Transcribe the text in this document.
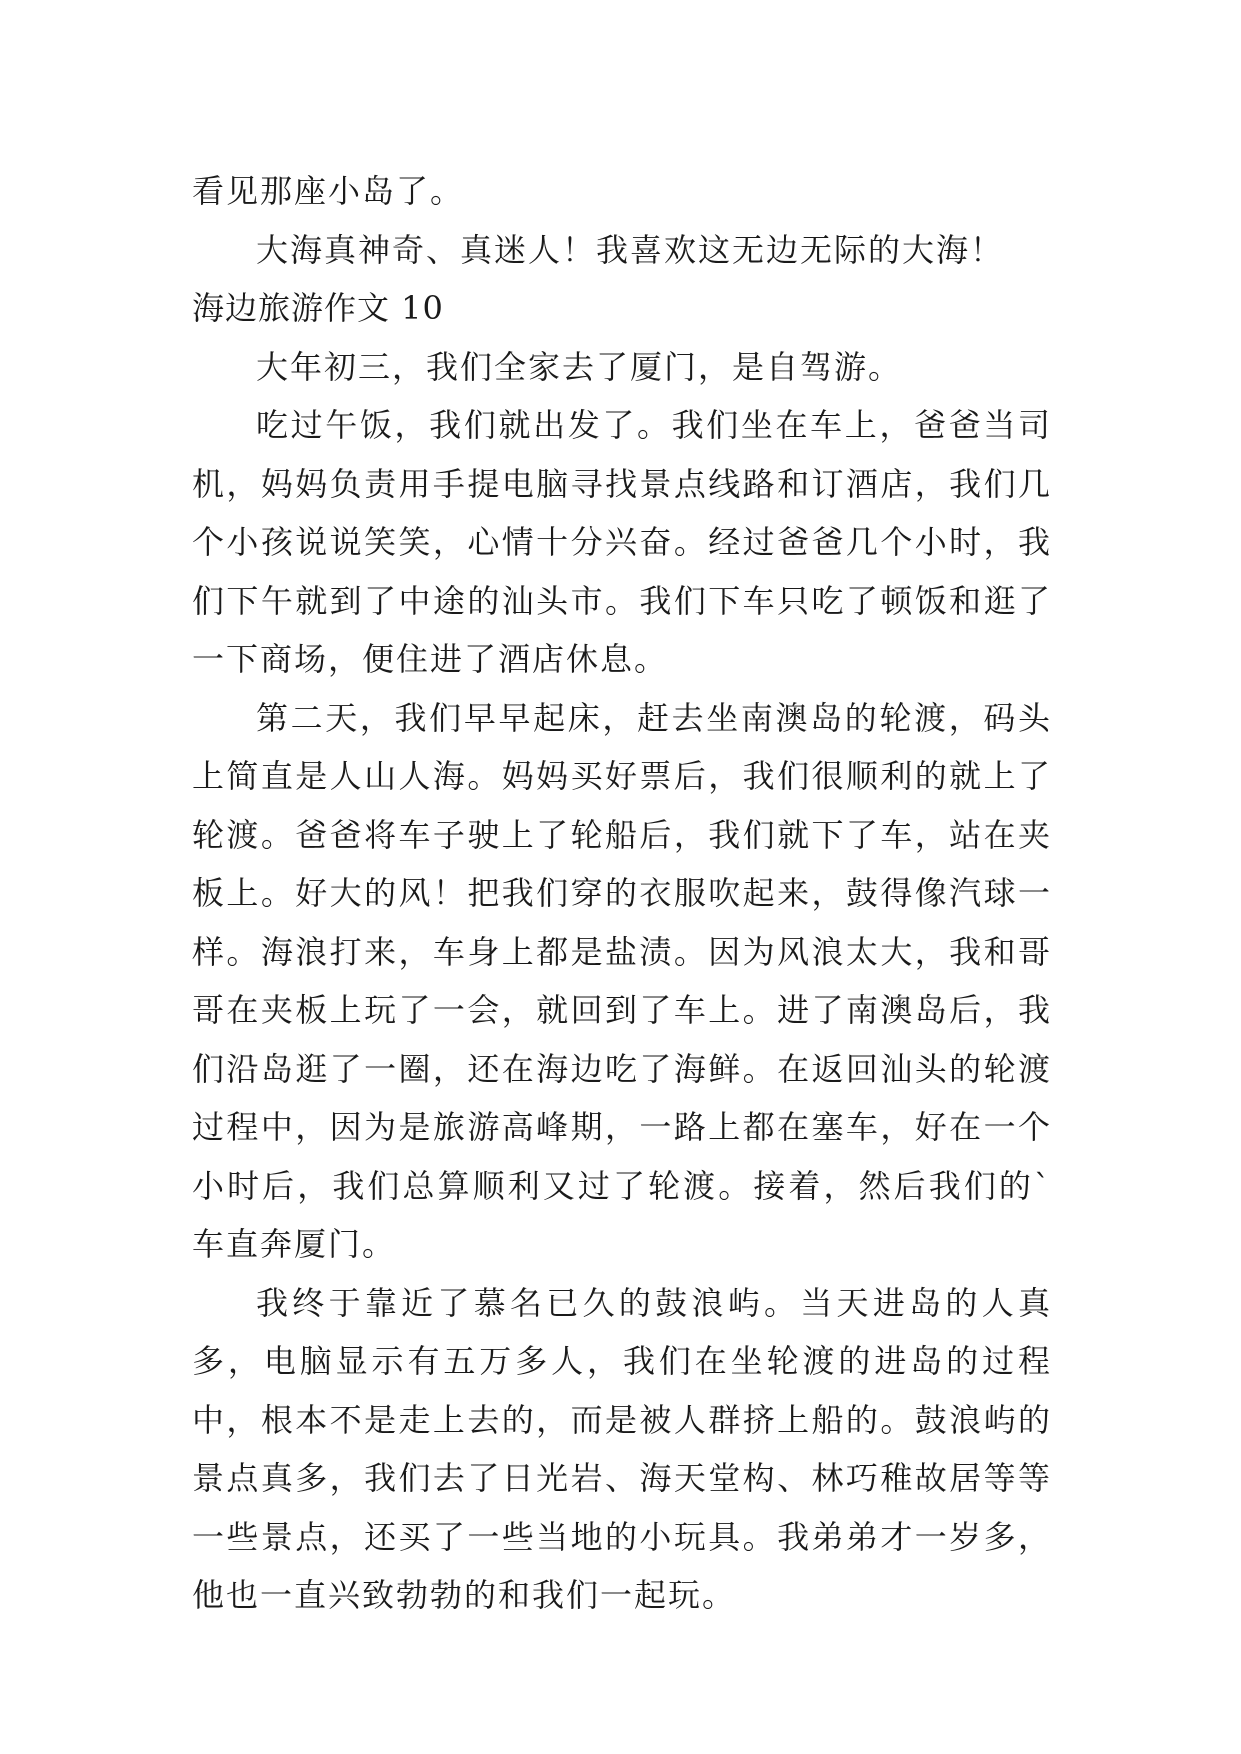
看见那座小岛了。

大海真神奇、真迷人！我喜欢这无边无际的大海！

海边旅游作文 10

大年初三，我们全家去了厦门，是自驾游。

吃过午饭，我们就出发了。我们坐在车上，爸爸当司机，妈妈负责用手提电脑寻找景点线路和订酒店，我们几个小孩说说笑笑，心情十分兴奋。经过爸爸几个小时，我们下午就到了中途的汕头市。我们下车只吃了顿饭和逛了一下商场，便住进了酒店休息。

第二天，我们早早起床，赶去坐南澳岛的轮渡，码头上简直是人山人海。妈妈买好票后，我们很顺利的就上了轮渡。爸爸将车子驶上了轮船后，我们就下了车，站在夹板上。好大的风！把我们穿的衣服吹起来，鼓得像汽球一样。海浪打来，车身上都是盐渍。因为风浪太大，我和哥哥在夹板上玩了一会，就回到了车上。进了南澳岛后，我们沿岛逛了一圈，还在海边吃了海鲜。在返回汕头的轮渡过程中，因为是旅游高峰期，一路上都在塞车，好在一个小时后，我们总算顺利又过了轮渡。接着，然后我们的`车直奔厦门。

我终于靠近了慕名已久的鼓浪屿。当天进岛的人真多，电脑显示有五万多人，我们在坐轮渡的进岛的过程中，根本不是走上去的，而是被人群挤上船的。鼓浪屿的景点真多，我们去了日光岩、海天堂构、林巧稚故居等等一些景点，还买了一些当地的小玩具。我弟弟才一岁多，他也一直兴致勃勃的和我们一起玩。
